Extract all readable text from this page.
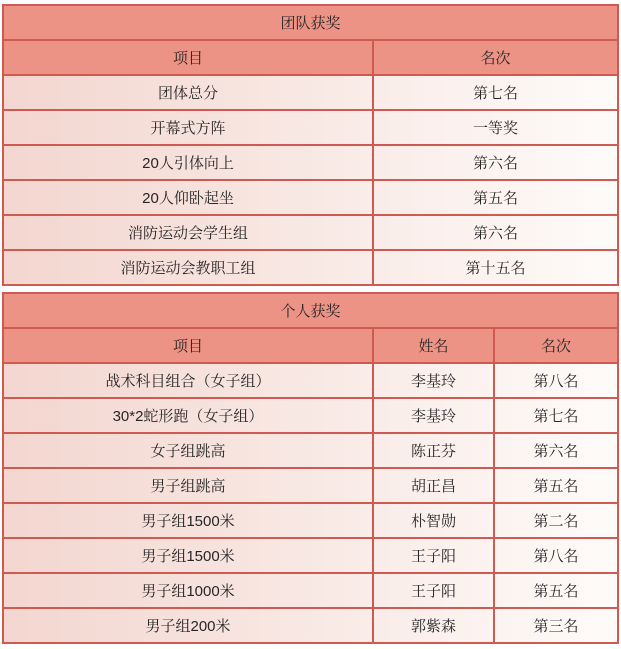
团队获奖
项目	名次
团体总分	第七名
开幕式方阵	一等奖
20人引体向上	第六名
20人仰卧起坐	第五名
消防运动会学生组	第六名
消防运动会教职工组	第十五名
个人获奖
项目	姓名	名次
战术科目组合（女子组）	李基玲	第八名
30*2蛇形跑（女子组）	李基玲	第七名
女子组跳高	陈正芬	第六名
男子组跳高	胡正昌	第五名
男子组1500米	朴智勋	第二名
男子组1500米	王子阳	第八名
男子组1000米	王子阳	第五名
男子组200米	郭紫森	第三名
